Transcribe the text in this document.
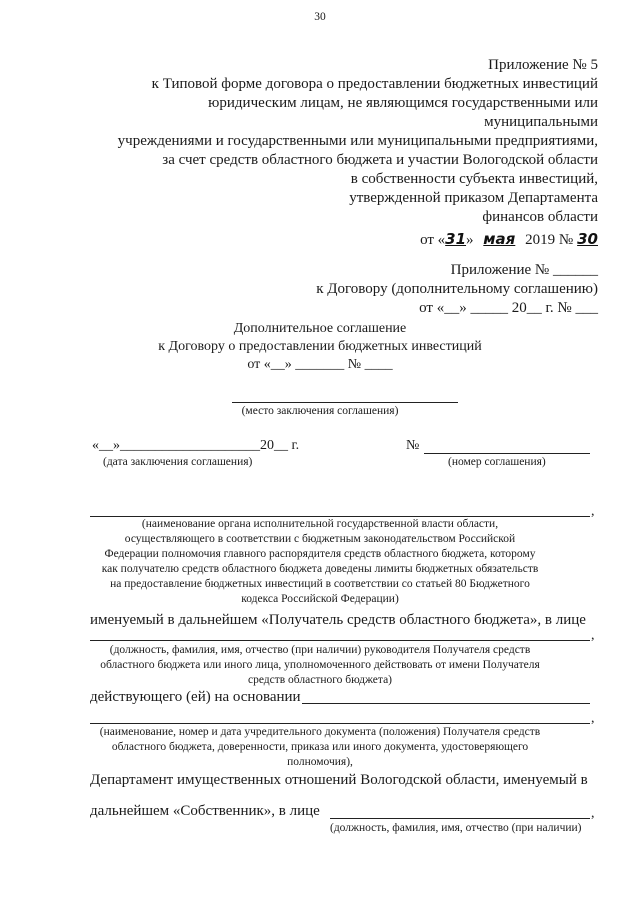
30
Приложение № 5
к Типовой форме договора о предоставлении бюджетных инвестиций
юридическим лицам, не являющимся государственными или
муниципальными
учреждениями и государственными или муниципальными предприятиями,
за счет средств областного бюджета и участии Вологодской области
в собственности субъекта инвестиций,
утвержденной приказом Департамента
финансов области
от «31» мая 2019 № 30
Приложение № ______
к Договору (дополнительному соглашению)
от «__» _____ 20__ г. № ___
Дополнительное соглашение
к Договору о предоставлении бюджетных инвестиций
от «__» _______ № ____
(место заключения соглашения)
«__»____________________20__ г.	№
(дата заключения соглашения)	(номер соглашения)
,
(наименование органа исполнительной государственной власти области,
осуществляющего в соответствии с бюджетным законодательством Российской
Федерации полномочия главного распорядителя средств областного бюджета, которому
как получателю средств областного бюджета доведены лимиты бюджетных обязательств
на предоставление бюджетных инвестиций в соответствии со статьей 80 Бюджетного
кодекса Российской Федерации)
именуемый в дальнейшем «Получатель средств областного бюджета», в лице
,
(должность, фамилия, имя, отчество (при наличии) руководителя Получателя средств
областного бюджета или иного лица, уполномоченного действовать от имени Получателя
средств областного бюджета)
действующего (ей) на основании
,
(наименование, номер и дата учредительного документа (положения) Получателя средств
областного бюджета, доверенности, приказа или иного документа, удостоверяющего
полномочия),
Департамент имущественных отношений Вологодской области, именуемый в
дальнейшем «Собственник», в лице	,
(должность, фамилия, имя, отчество (при наличии)
